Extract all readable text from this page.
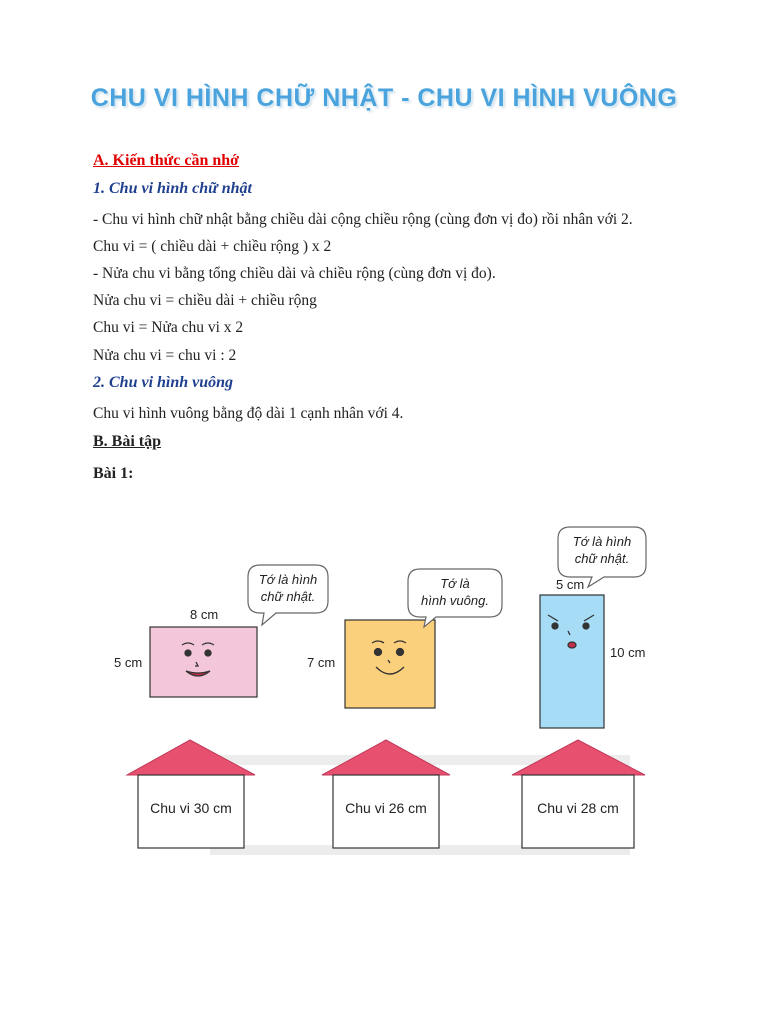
CHU VI HÌNH CHỮ NHẬT - CHU VI HÌNH VUÔNG
A. Kiến thức cần nhớ
1. Chu vi hình chữ nhật
- Chu vi hình chữ nhật bằng chiều dài cộng chiều rộng (cùng đơn vị đo) rồi nhân với 2.
Chu vi = ( chiều dài + chiều rộng ) x 2
- Nửa chu vi bằng tổng chiều dài và chiều rộng (cùng đơn vị đo).
Nửa chu vi = chiều dài + chiều rộng
Chu vi = Nửa chu vi x 2
Nửa chu vi = chu vi : 2
2. Chu vi hình vuông
Chu vi hình vuông bằng độ dài 1 cạnh nhân với 4.
B. Bài tập
Bài 1:
8 cm
5 cm
Tớ là hình
chữ nhật.
7 cm
Tớ là
hình vuông.
5 cm
10 cm
Tớ là hình
chữ nhật.
Chu vi 30 cm	Chu vi 26 cm	Chu vi 28 cm
